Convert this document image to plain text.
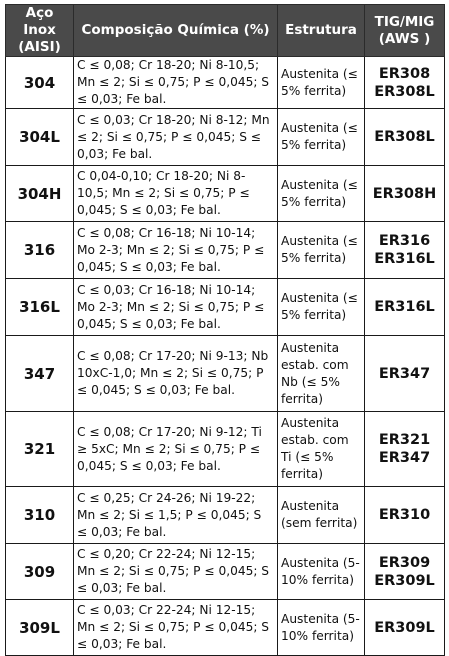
Aço Inox (AISI)	Composição Química (%)	Estrutura	TIG/MIG (AWS )
304	C ≤ 0,08; Cr 18-20; Ni 8-10,5; Mn ≤ 2; Si ≤ 0,75; P ≤ 0,045; S ≤ 0,03; Fe bal.	Austenita (≤ 5% ferrita)	ER308
ER308L

304L	C ≤ 0,03; Cr 18-20; Ni 8-12; Mn ≤ 2; Si ≤ 0,75; P ≤ 0,045; S ≤ 0,03; Fe bal.	Austenita (≤ 5% ferrita)	ER308L

304H	C 0,04-0,10; Cr 18-20; Ni 8-10,5; Mn ≤ 2; Si ≤ 0,75; P ≤ 0,045; S ≤ 0,03; Fe bal.	Austenita (≤ 5% ferrita)	ER308H

316	C ≤ 0,08; Cr 16-18; Ni 10-14; Mo 2-3; Mn ≤ 2; Si ≤ 0,75; P ≤ 0,045; S ≤ 0,03; Fe bal.	Austenita (≤ 5% ferrita)	ER316
ER316L

316L	C ≤ 0,03; Cr 16-18; Ni 10-14; Mo 2-3; Mn ≤ 2; Si ≤ 0,75; P ≤ 0,045; S ≤ 0,03; Fe bal.	Austenita (≤ 5% ferrita)	ER316L

347	C ≤ 0,08; Cr 17-20; Ni 9-13; Nb 10xC-1,0; Mn ≤ 2; Si ≤ 0,75; P ≤ 0,045; S ≤ 0,03; Fe bal.	Austenita estab. com Nb (≤ 5% ferrita)	ER347

321	C ≤ 0,08; Cr 17-20; Ni 9-12; Ti ≥ 5xC; Mn ≤ 2; Si ≤ 0,75; P ≤ 0,045; S ≤ 0,03; Fe bal.	Austenita estab. com Ti (≤ 5% ferrita)	ER321
ER347

310	C ≤ 0,25; Cr 24-26; Ni 19-22; Mn ≤ 2; Si ≤ 1,5; P ≤ 0,045; S ≤ 0,03; Fe bal.	Austenita (sem ferrita)	ER310

309	C ≤ 0,20; Cr 22-24; Ni 12-15; Mn ≤ 2; Si ≤ 0,75; P ≤ 0,045; S ≤ 0,03; Fe bal.	Austenita (5-10% ferrita)	ER309
ER309L

309L	C ≤ 0,03; Cr 22-24; Ni 12-15; Mn ≤ 2; Si ≤ 0,75; P ≤ 0,045; S ≤ 0,03; Fe bal.	Austenita (5-10% ferrita)	ER309L
